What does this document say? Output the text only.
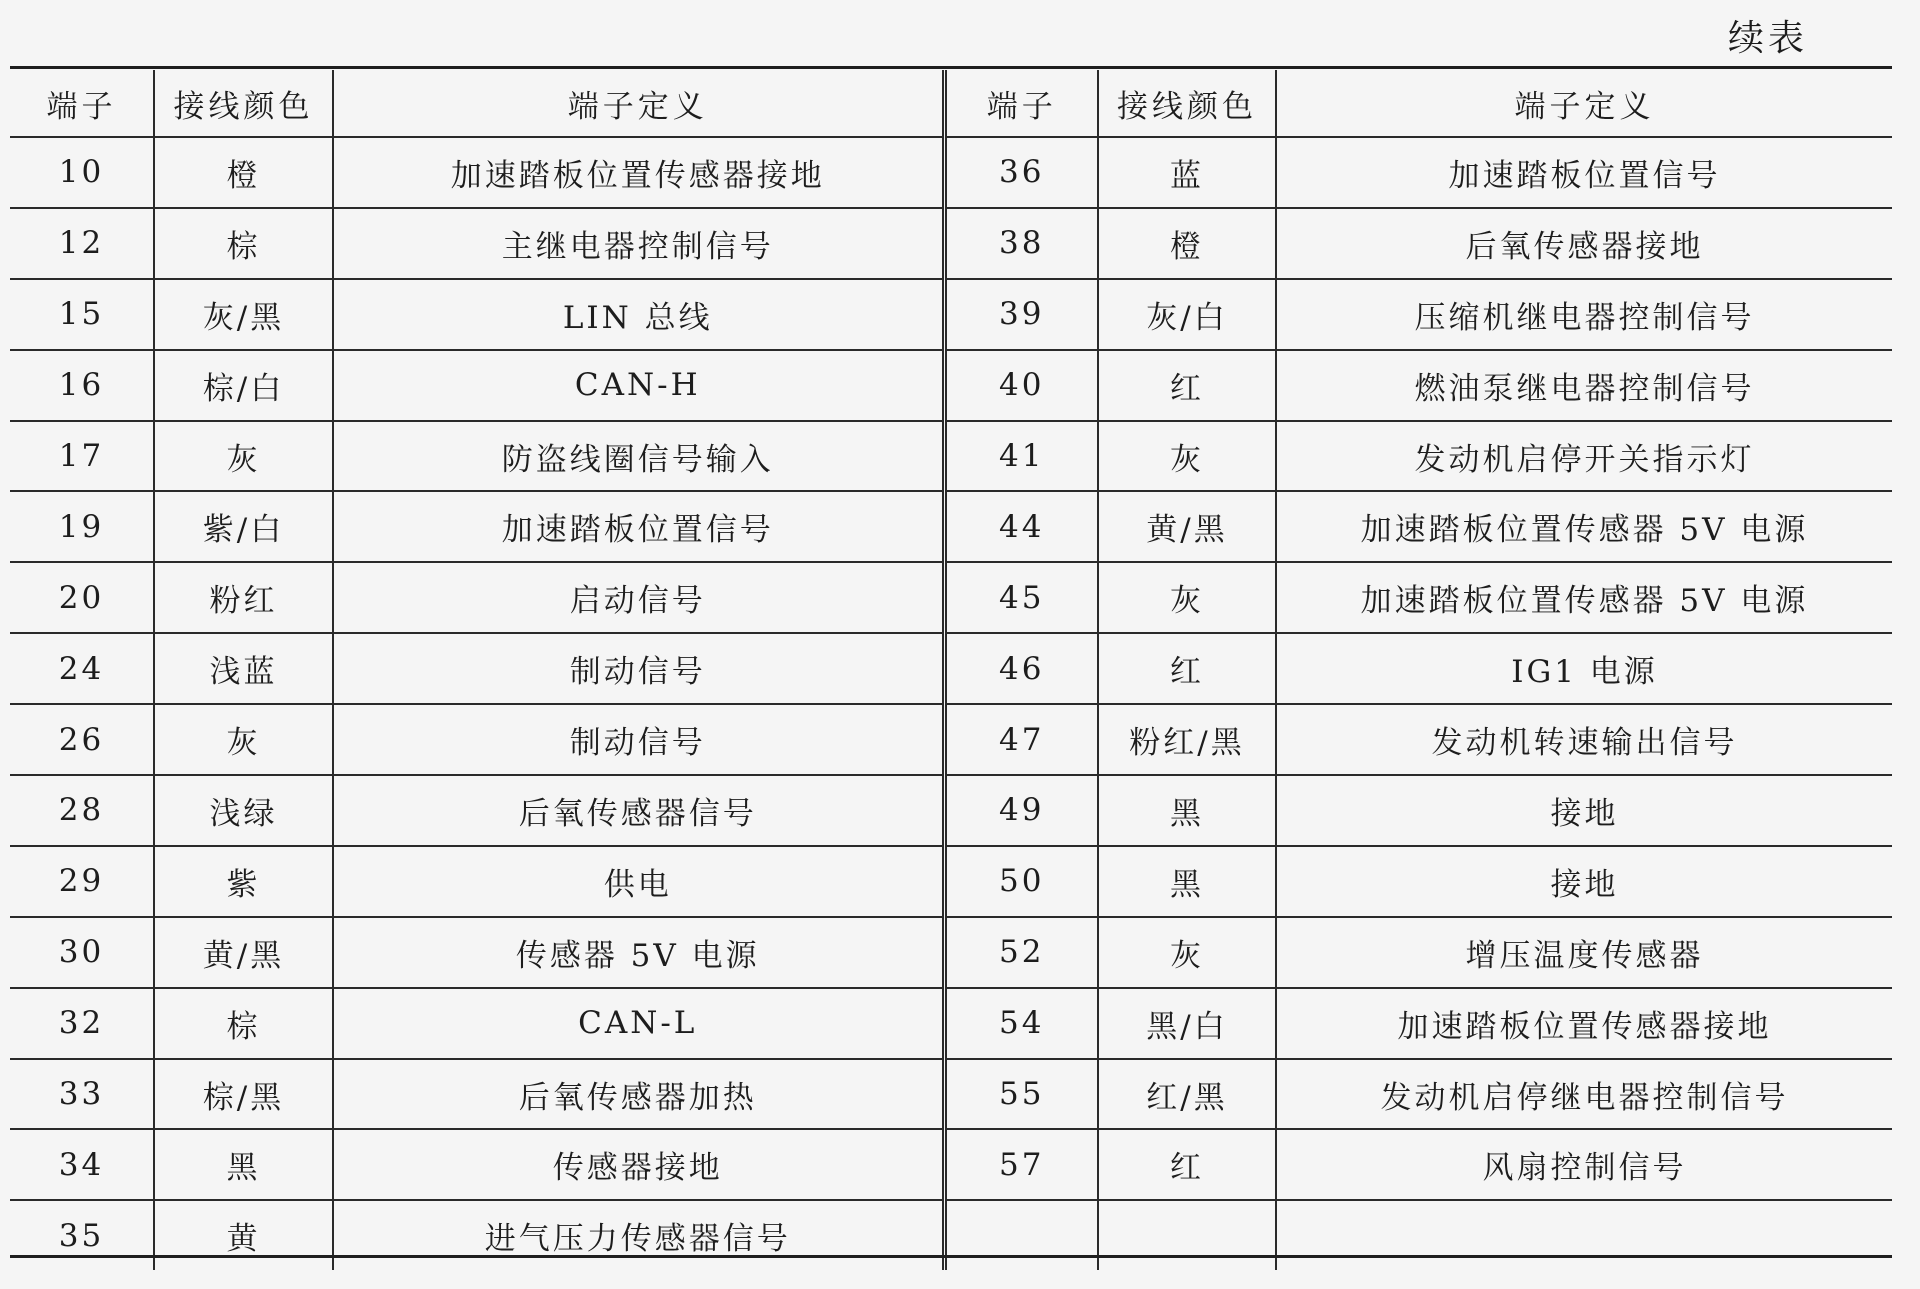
续表
端子	接线颜色	端子定义	端子	接线颜色	端子定义
10	橙	加速踏板位置传感器接地	36	蓝	加速踏板位置信号
12	棕	主继电器控制信号	38	橙	后氧传感器接地
15	灰/黑	LIN 总线	39	灰/白	压缩机继电器控制信号
16	棕/白	CAN-H	40	红	燃油泵继电器控制信号
17	灰	防盗线圈信号输入	41	灰	发动机启停开关指示灯
19	紫/白	加速踏板位置信号	44	黄/黑	加速踏板位置传感器 5V 电源
20	粉红	启动信号	45	灰	加速踏板位置传感器 5V 电源
24	浅蓝	制动信号	46	红	IG1 电源
26	灰	制动信号	47	粉红/黑	发动机转速输出信号
28	浅绿	后氧传感器信号	49	黑	接地
29	紫	供电	50	黑	接地
30	黄/黑	传感器 5V 电源	52	灰	增压温度传感器
32	棕	CAN-L	54	黑/白	加速踏板位置传感器接地
33	棕/黑	后氧传感器加热	55	红/黑	发动机启停继电器控制信号
34	黑	传感器接地	57	红	风扇控制信号
35	黄	进气压力传感器信号			
